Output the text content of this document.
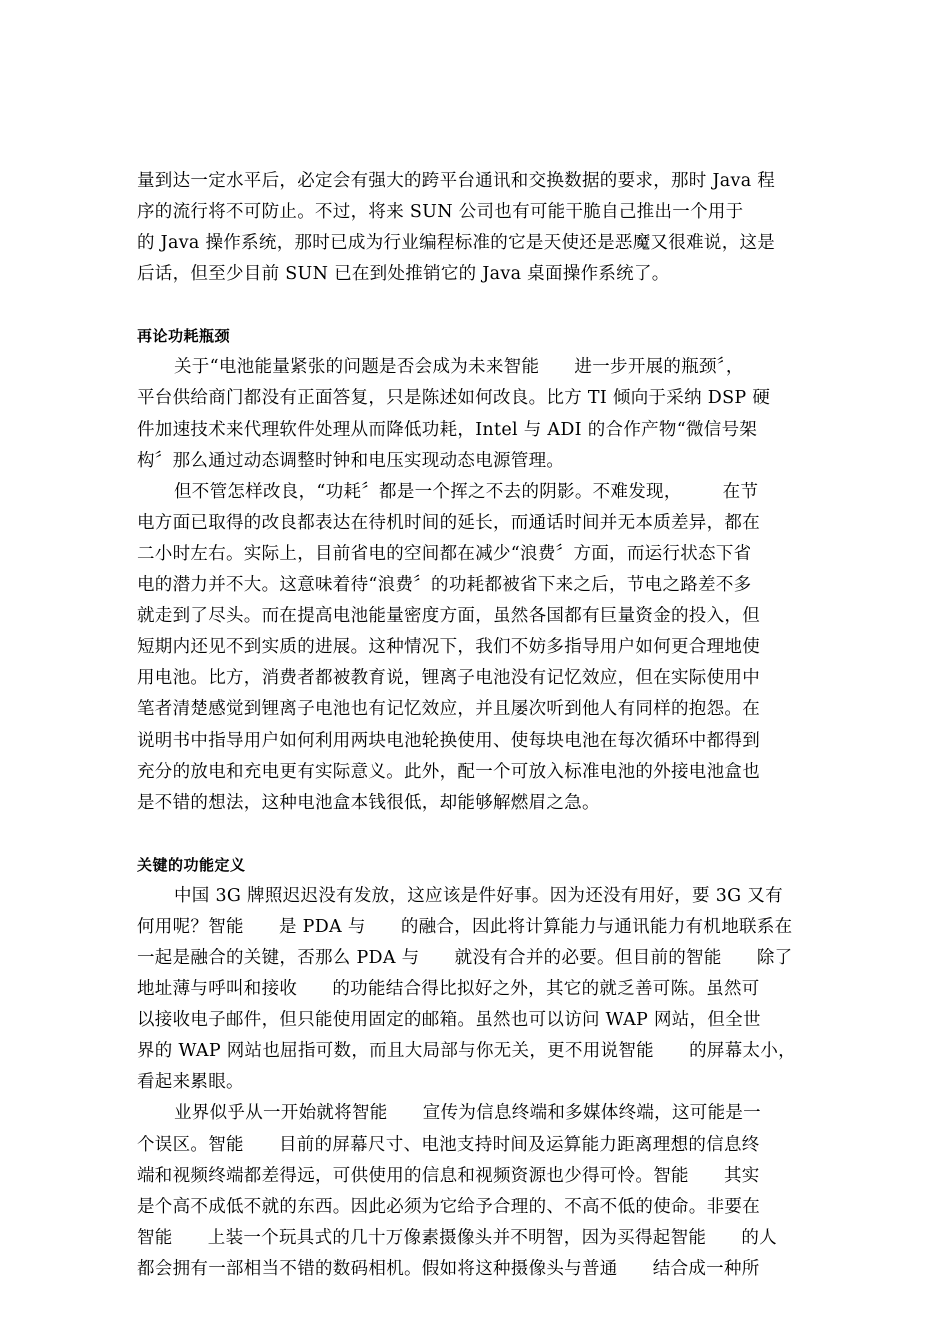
量到达一定水平后，必定会有强大的跨平台通讯和交换数据的要求，那时 Java 程
序的流行将不可防止。不过，将来 SUN 公司也有可能干脆自己推出一个用于
的 Java 操作系统，那时已成为行业编程标准的它是天使还是恶魔又很难说，这是
后话，但至少目前 SUN 已在到处推销它的 Java 桌面操作系统了。
再论功耗瓶颈
关于“电池能量紧张的问题是否会成为未来智能      进一步开展的瓶颈〞，
平台供给商门都没有正面答复，只是陈述如何改良。比方 TI 倾向于采纳 DSP 硬
件加速技术来代理软件处理从而降低功耗，Intel 与 ADI 的合作产物“微信号架
构〞那么通过动态调整时钟和电压实现动态电源管理。
但不管怎样改良，“功耗〞都是一个挥之不去的阴影。不难发现，       在节
电方面已取得的改良都表达在待机时间的延长，而通话时间并无本质差异，都在
二小时左右。实际上，目前省电的空间都在减少“浪费〞方面，而运行状态下省
电的潜力并不大。这意味着待“浪费〞的功耗都被省下来之后，节电之路差不多
就走到了尽头。而在提高电池能量密度方面，虽然各国都有巨量资金的投入，但
短期内还见不到实质的进展。这种情况下，我们不妨多指导用户如何更合理地使
用电池。比方，消费者都被教育说，锂离子电池没有记忆效应，但在实际使用中
笔者清楚感觉到锂离子电池也有记忆效应，并且屡次听到他人有同样的抱怨。在
说明书中指导用户如何利用两块电池轮换使用、使每块电池在每次循环中都得到
充分的放电和充电更有实际意义。此外，配一个可放入标准电池的外接电池盒也
是不错的想法，这种电池盒本钱很低，却能够解燃眉之急。
关键的功能定义
中国 3G 牌照迟迟没有发放，这应该是件好事。因为还没有用好，要 3G 又有
何用呢？智能      是 PDA 与      的融合，因此将计算能力与通讯能力有机地联系在
一起是融合的关键，否那么 PDA 与      就没有合并的必要。但目前的智能      除了
地址薄与呼叫和接收      的功能结合得比拟好之外，其它的就乏善可陈。虽然可
以接收电子邮件，但只能使用固定的邮箱。虽然也可以访问 WAP 网站，但全世
界的 WAP 网站也屈指可数，而且大局部与你无关，更不用说智能      的屏幕太小，
看起来累眼。
业界似乎从一开始就将智能      宣传为信息终端和多媒体终端，这可能是一
个误区。智能      目前的屏幕尺寸、电池支持时间及运算能力距离理想的信息终
端和视频终端都差得远，可供使用的信息和视频资源也少得可怜。智能      其实
是个高不成低不就的东西。因此必须为它给予合理的、不高不低的使命。非要在
智能      上装一个玩具式的几十万像素摄像头并不明智，因为买得起智能      的人
都会拥有一部相当不错的数码相机。假如将这种摄像头与普通      结合成一种所
